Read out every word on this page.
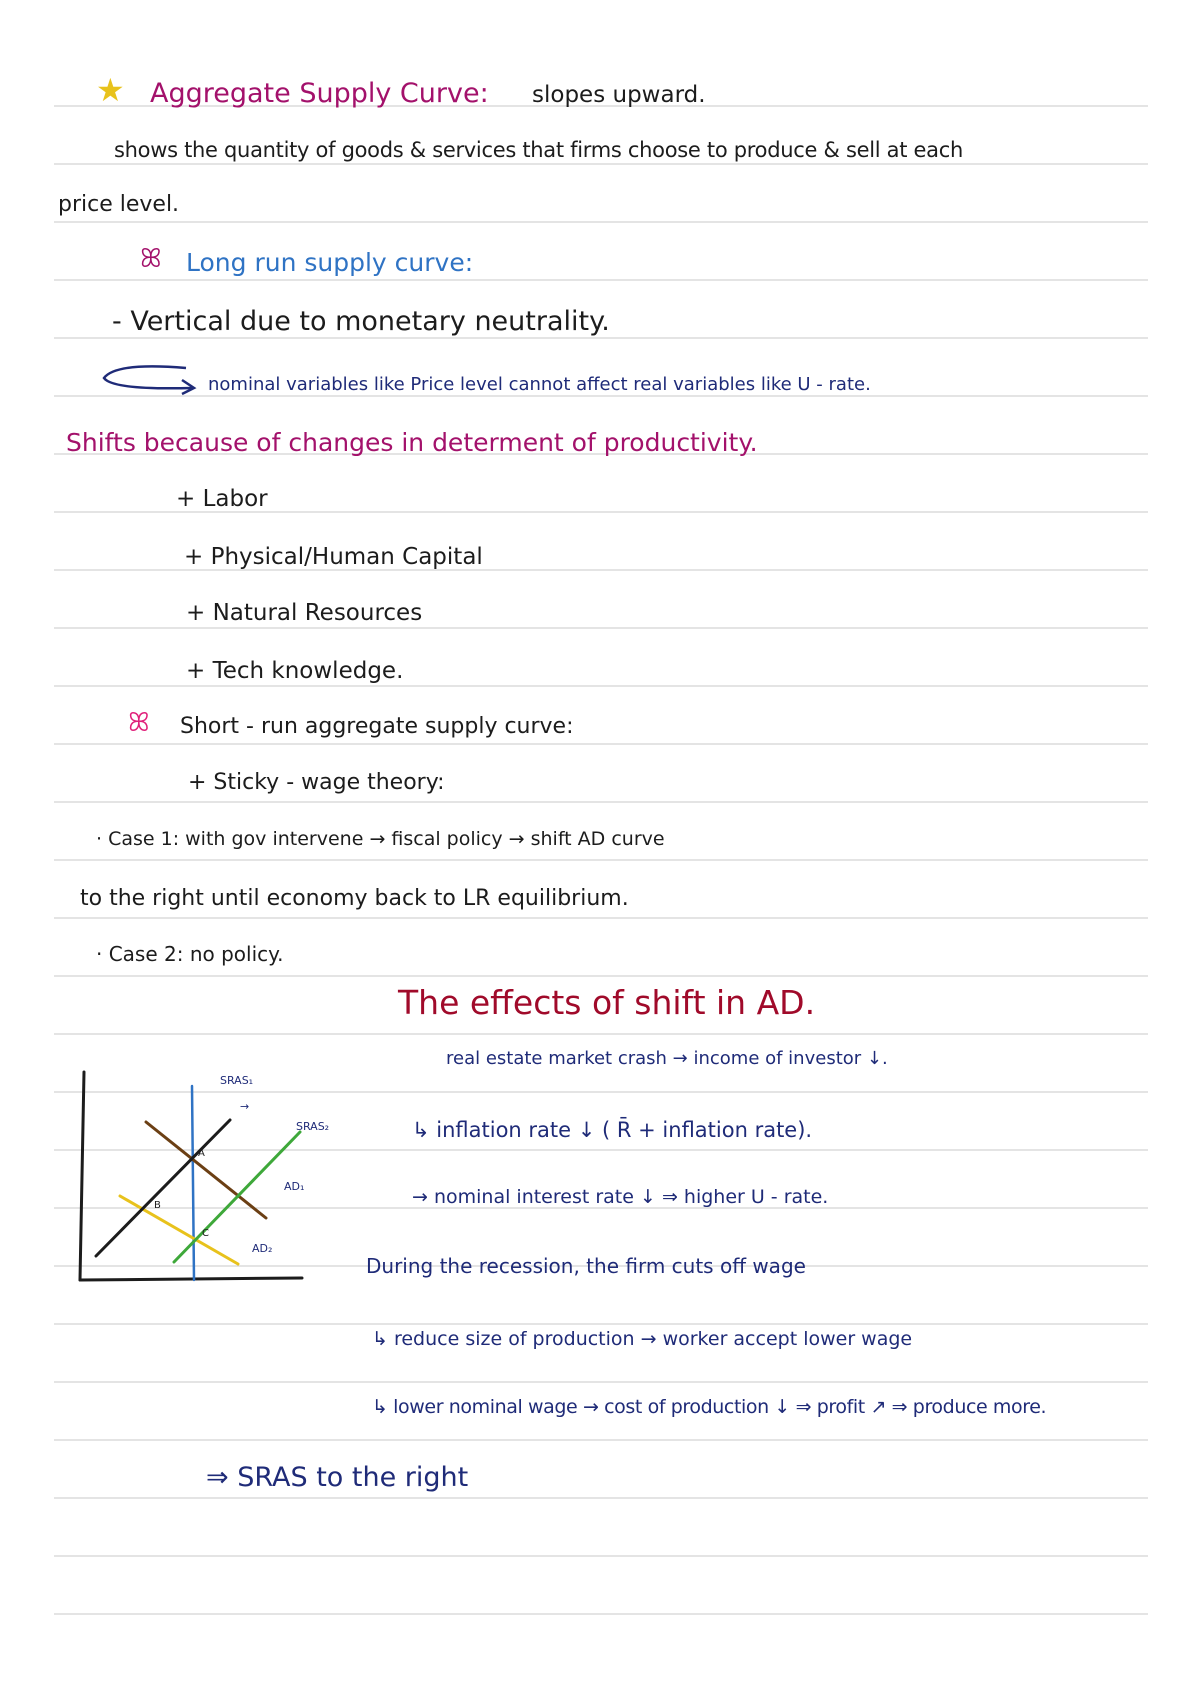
★ Aggregate Supply Curve: slopes upward.
shows the quantity of goods & services that firms choose to produce & sell at each
price level.
ꕤ Long run supply curve:
- Vertical due to monetary neutrality.
nominal variables like Price level cannot affect real variables like U - rate.
Shifts because of changes in determent of productivity.
+ Labor
+ Physical/Human Capital
+ Natural Resources
+ Tech knowledge.
ꕤ Short - run aggregate supply curve:
+ Sticky - wage theory:
· Case 1: with gov intervene → fiscal policy → shift AD curve
to the right until economy back to LR equilibrium.
· Case 2: no policy.
The effects of shift in AD.
real estate market crash → income of investor ↓.
↳ inflation rate ↓ ( R̄ + inflation rate).
→ nominal interest rate ↓ ⇒ higher U - rate.
During the recession, the firm cuts off wage
↳ reduce size of production → worker accept lower wage
↳ lower nominal wage → cost of production ↓ ⇒ profit ↗ ⇒ produce more.
⇒ SRAS to the right
SRAS₁
→
SRAS₂
AD₁
AD₂
A
B
C
